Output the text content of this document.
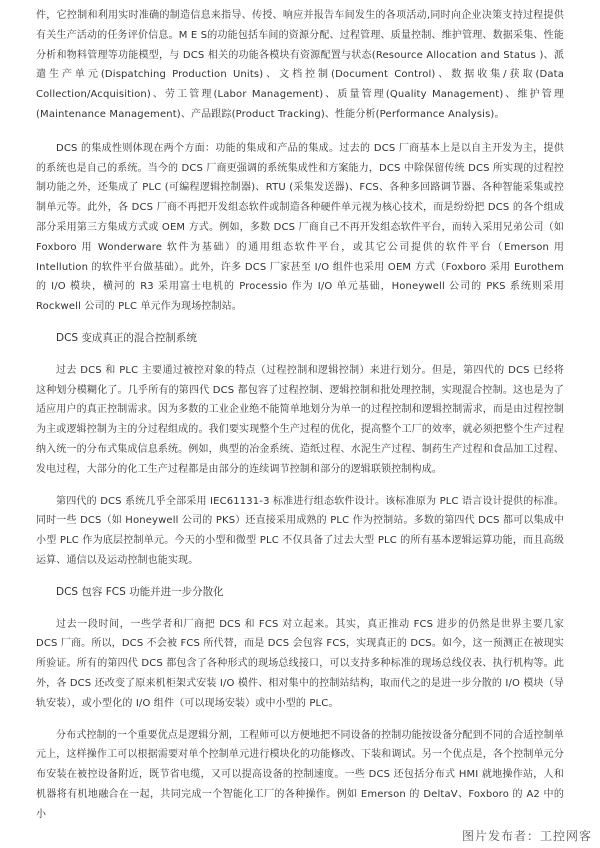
件，它控制和利用实时准确的制造信息来指导、传授、响应并报告车间发生的各项活动,同时向企业决策支持过程提供有关生产活动的任务评价信息。M E S的功能包括车间的资源分配、过程管理、质量控制、维护管理、数据采集、性能分析和物料管理等功能模型，与 DCS 相关的功能各模块有资源配置与状态(Resource Allocation and Status )、派遣生产单元(Dispatching Production Units)、文档控制(Document Control)、数据收集/获取(Data Collection/Acquisition)、劳工管理(Labor Management)、质量管理(Quality Management)、维护管理(Maintenance Management)、产品跟踪(Product Tracking)、性能分析(Performance Analysis)。

DCS 的集成性则体现在两个方面：功能的集成和产品的集成。过去的 DCS 厂商基本上是以自主开发为主，提供的系统也是自己的系统。当今的 DCS 厂商更强调的系统集成性和方案能力，DCS 中除保留传统 DCS 所实现的过程控制功能之外，还集成了 PLC (可编程逻辑控制器)、RTU (采集发送器)、FCS、各种多回路调节器、各种智能采集或控制单元等。此外，各 DCS 厂商不再把开发组态软件或制造各种硬件单元视为核心技术，而是纷纷把 DCS 的各个组成部分采用第三方集成方式或 OEM 方式。例如，多数 DCS 厂商自己不再开发组态软件平台，而转入采用兄弟公司（如 Foxboro 用 Wonderware 软件为基础）的通用组态软件平台，或其它公司提供的软件平台（Emerson 用 Intellution 的软件平台做基础）。此外，许多 DCS 厂家甚至 I/O 组件也采用 OEM 方式（Foxboro 采用 Eurothem 的 I/O 模块，横河的 R3 采用富士电机的 Processio 作为 I/O 单元基础，Honeywell 公司的 PKS 系统则采用 Rockwell 公司的 PLC 单元作为现场控制站。

DCS 变成真正的混合控制系统

过去 DCS 和 PLC 主要通过被控对象的特点（过程控制和逻辑控制）来进行划分。但是，第四代的 DCS 已经将这种划分模糊化了。几乎所有的第四代 DCS 都包容了过程控制、逻辑控制和批处理控制，实现混合控制。这也是为了适应用户的真正控制需求。因为多数的工业企业绝不能简单地划分为单一的过程控制和逻辑控制需求，而是由过程控制为主或逻辑控制为主的分过程组成的。我们要实现整个生产过程的优化，提高整个工厂的效率，就必须把整个生产过程纳入统一的分布式集成信息系统。例如，典型的冶金系统、造纸过程、水泥生产过程、制药生产过程和食品加工过程、发电过程，大部分的化工生产过程都是由部分的连续调节控制和部分的逻辑联锁控制构成。

第四代的 DCS 系统几乎全部采用 IEC61131-3 标准进行组态软件设计。该标准原为 PLC 语言设计提供的标准。同时一些 DCS（如 Honeywell 公司的 PKS）还直接采用成熟的 PLC 作为控制站。多数的第四代 DCS 都可以集成中小型 PLC 作为底层控制单元。今天的小型和微型 PLC 不仅具备了过去大型 PLC 的所有基本逻辑运算功能，而且高级运算、通信以及运动控制也能实现。

DCS 包容 FCS 功能并进一步分散化

过去一段时间，一些学者和厂商把 DCS 和 FCS 对立起来。其实，真正推动 FCS 进步的仍然是世界主要几家 DCS 厂商。所以，DCS 不会被 FCS 所代替，而是 DCS 会包容 FCS，实现真正的 DCS。如今，这一预测正在被现实所验证。所有的第四代 DCS 都包含了各种形式的现场总线接口，可以支持多种标准的现场总线仪表、执行机构等。此外，各 DCS 还改变了原来机柜架式安装 I/O 模件、相对集中的控制站结构，取而代之的是进一步分散的 I/O 模块（导轨安装），或小型化的 I/O 组件（可以现场安装）或中小型的 PLC。

分布式控制的一个重要优点是逻辑分割，工程师可以方便地把不同设备的控制功能按设备分配到不同的合适控制单元上，这样操作工可以根据需要对单个控制单元进行模块化的功能修改、下装和调试。另一个优点是，各个控制单元分布安装在被控设备附近，既节省电缆，又可以提高设备的控制速度。一些 DCS 还包括分布式 HMI 就地操作站，人和机器将有机地融合在一起，共同完成一个智能化工厂的各种操作。例如 Emerson 的 DeltaV、Foxboro 的 A2 中的小

图片发布者：工控网客
